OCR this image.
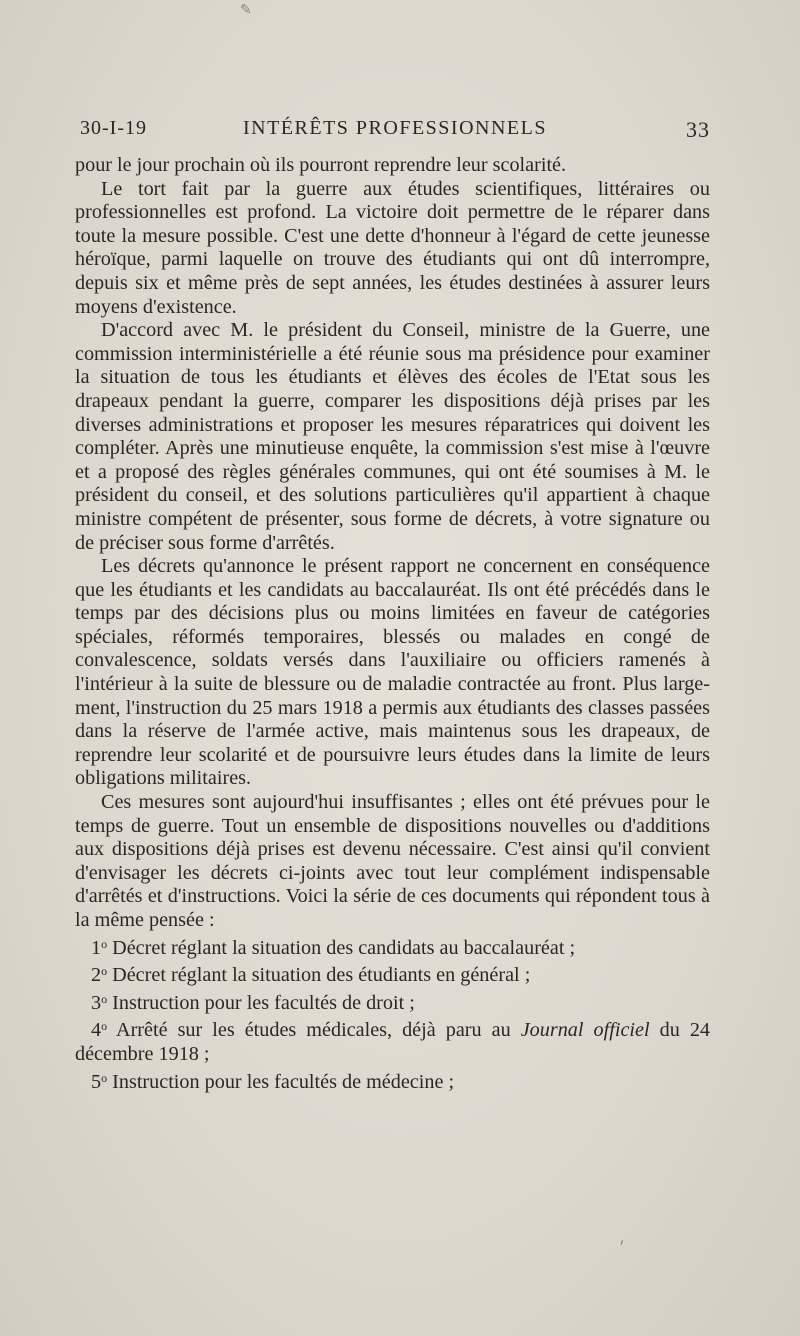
✎
30-I-19	INTÉRÊTS PROFESSIONNELS	33

pour le jour prochain où ils pourront reprendre leur scolarité.

Le tort fait par la guerre aux études scientifiques, littéraires ou professionnelles est profond. La victoire doit permettre de le réparer dans toute la mesure possible. C'est une dette d'honneur à l'égard de cette jeunesse héroïque, parmi laquelle on trouve des étudiants qui ont dû interrompre, depuis six et même près de sept années, les études destinées à assurer leurs moyens d'existence.

D'accord avec M. le président du Conseil, ministre de la Guerre, une commission interministérielle a été réunie sous ma présidence pour examiner la situation de tous les étudiants et élèves des écoles de l'Etat sous les drapeaux pendant la guerre, comparer les dispositions déjà prises par les diverses administrations et proposer les mesures réparatrices qui doivent les compléter. Après une minutieuse enquête, la commission s'est mise à l'œuvre et a proposé des règles générales communes, qui ont été soumises à M. le président du conseil, et des solutions particulières qu'il appartient à chaque ministre compétent de présenter, sous forme de décrets, à votre signature ou de préciser sous forme d'arrêtés.

Les décrets qu'annonce le présent rapport ne concernent en conséquence que les étudiants et les candidats au baccalauréat. Ils ont été précédés dans le temps par des décisions plus ou moins limitées en faveur de catégories spéciales, réformés temporaires, blessés ou malades en congé de convalescence, soldats versés dans l'auxiliaire ou officiers ramenés à l'intérieur à la suite de blessure ou de maladie contractée au front. Plus largement, l'instruction du 25 mars 1918 a permis aux étudiants des classes passées dans la réserve de l'armée active, mais maintenus sous les drapeaux, de reprendre leur scolarité et de poursuivre leurs études dans la limite de leurs obligations militaires.

Ces mesures sont aujourd'hui insuffisantes ; elles ont été prévues pour le temps de guerre. Tout un ensemble de dispositions nouvelles ou d'additions aux dispositions déjà prises est devenu nécessaire. C'est ainsi qu'il convient d'envisager les décrets ci-joints avec tout leur complément indispensable d'arrêtés et d'instructions. Voici la série de ces documents qui répondent tous à la même pensée :

1$^o$ Décret réglant la situation des candidats au baccalauréat ;

2$^o$ Décret réglant la situation des étudiants en général ;

3$^o$ Instruction pour les facultés de droit ;

4$^o$ Arrêté sur les études médicales, déjà paru au Journal officiel du 24 décembre 1918 ;

5$^o$ Instruction pour les facultés de médecine ;

⸴
